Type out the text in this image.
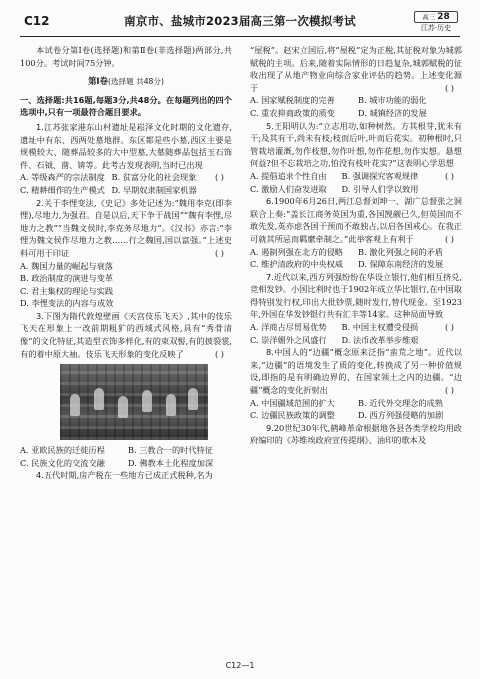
C12	南京市、盐城市2023届高三第一次模拟考试	高三 28
江苏·历史

本试卷分第Ⅰ卷(选择题)和第Ⅱ卷(非选择题)两部分,共100分。考试时间75分钟。

第Ⅰ卷(选择题 共48分)

一、选择题:共16题,每题3分,共48分。在每题列出的四个选项中,只有一项最符合题目要求。

1.江苏张家港东山村遗址是崧泽文化时期的文化遗存,遗址中有东、西两处墓地群。东区都是些小墓,西区主要是规模较大、随葬品较多的大中型墓,大墓随葬品包括玉石饰件、石钺、凿、锛等。此考古发现表明,当时已出现
( )

A. 等级森严的宗法制度 B. 贫富分化的社会现象
C. 精耕细作的生产模式 D. 早期奴隶制国家机器

2.关于李悝变法,《史记》多处记述为:“魏用李克(即李悝),尽地力,为强君。自是以后,天下争于战国”“魏有李悝,尽地力之教”“当魏文侯时,李克务尽地力”。《汉书》亦言:“李悝为魏文侯作尽地力之教……行之魏国,国以富强。”上述史料可用于印证	( )

A. 魏国力量的崛起与衰落
B. 政治制度的演进与变革
C. 君主集权的理论与实践
D. 李悝变法的内容与成效

3.下图为隋代敦煌壁画《天宫伎乐飞天》,其中的伎乐飞天在形象上一改前期粗犷的西域式风格,具有“秀骨清像”的文化特征,其造型衣饰多样化,有的束双髻,有的披裂裳,有的着中原大袖。伎乐飞天形象的变化反映了	( )

A. 亚欧民族的迁徙历程	B. 三教合一的时代特征
C. 民族文化的交流交融	D. 佛教本土化程度加深

4.五代时期,房产税在一些地方已成正式税种,名为

“屋税”。赵宋立国后,将“屋税”定为正税,其征税对象为城郭赋税的主项。后来,随着实际情形的日趋复杂,城郭赋税的征收出现了从地产物业向综合家业评估的趋势。上述变化源于	( )

A. 国家赋税制度的完善	B. 城市功能的弱化
C. 重农抑商政策的质变	D. 城镇经济的发展

5.王阳明认为:“立志用功,如种树然。方其根芽,犹未有干;及其有干,尚未有枝;枝而后叶,叶而后花实。初种根时,只管栽培灌溉,勿作枝想,勿作叶想,勿作花想,勿作实想。悬想何益?但不忘栽培之功,怕没有枝叶花实?”这表明心学思想
( )

A. 提倡追求个性自由	B. 强调探究客观规律
C. 激励人们奋发进取	D. 引导人们学以致用

6.1900年6月26日,两江总督刘坤一、湖广总督张之洞联合上奏:“盖长江商务英国为重,各国觊觎已久,但英国而不敢先发,英亦虑各国干预而不敢独占,以启各国戒心。在我正可就其所忌而羁縻牵制之。”此举客观上有利于	( )

A. 遏制列强在北方的侵略	B. 激化列强之间的矛盾
C. 维护清政府的中央权威	D. 保障东南经济的发展

7.近代以来,西方列强纷纷在华设立银行,他们相互挤兑,竞相发钞。小国比利时也于1902年成立华比银行,在中国取得特别发行权,印出大批钞票,随时发行,替代现金。至1923年,外国在华发钞银行共有汇丰等14家。这种局面导致
( )

A. 洋商占尽贸易优势	B. 中国主权遭受侵损
C. 崇洋媚外之风盛行	D. 法币改革举步维艰

8.中国人的“边疆”概念原来泛指“蛮荒之地”。近代以来,“边疆”的语境发生了质的变化,转换成了另一种价值规设,即指的是有明确边界的、在国家领土之内的边疆。“边疆”概念的变化折射出	( )

A. 中国疆域范围的扩大	B. 近代外交理念的成熟
C. 边疆民族政策的调整	D. 西方列强侵略的加剧

9.20世纪30年代,鹤峰革命根据地各县各类学校均用政府编印的《苏维埃政府宣传提纲》、油印的歌本及

C12—1
